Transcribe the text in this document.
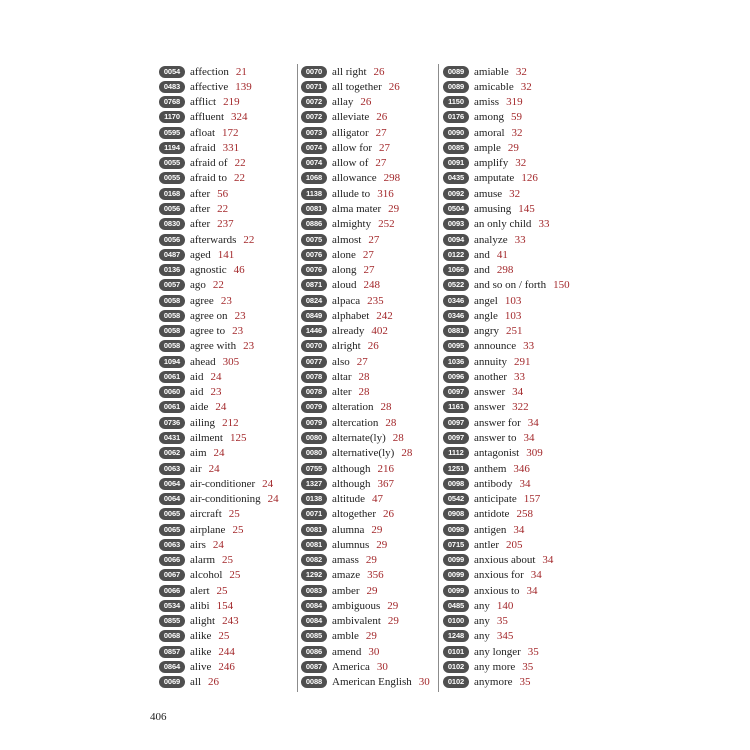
0054 affection 21
0483 affective 139
0768 afflict 219
1170 affluent 324
0595 afloat 172
1194 afraid 331
0055 afraid of 22
0055 afraid to 22
0168 after 56
0056 after 22
0830 after 237
0056 afterwards 22
0487 aged 141
0136 agnostic 46
0057 ago 22
0058 agree 23
0058 agree on 23
0058 agree to 23
0058 agree with 23
1094 ahead 305
0061 aid 24
0060 aid 23
0061 aide 24
0736 ailing 212
0431 ailment 125
0062 aim 24
0063 air 24
0064 air-conditioner 24
0064 air-conditioning 24
0065 aircraft 25
0065 airplane 25
0063 airs 24
0066 alarm 25
0067 alcohol 25
0066 alert 25
0534 alibi 154
0855 alight 243
0068 alike 25
0857 alike 244
0864 alive 246
0069 all 26
0070 all right 26
0071 all together 26
0072 allay 26
0072 alleviate 26
0073 alligator 27
0074 allow for 27
0074 allow of 27
1068 allowance 298
1138 allude to 316
0081 alma mater 29
0886 almighty 252
0075 almost 27
0076 alone 27
0076 along 27
0871 aloud 248
0824 alpaca 235
0849 alphabet 242
1446 already 402
0070 alright 26
0077 also 27
0078 altar 28
0078 alter 28
0079 alteration 28
0079 altercation 28
0080 alternate(ly) 28
0080 alternative(ly) 28
0755 although 216
1327 although 367
0138 altitude 47
0071 altogether 26
0081 alumna 29
0081 alumnus 29
0082 amass 29
1292 amaze 356
0083 amber 29
0084 ambiguous 29
0084 ambivalent 29
0085 amble 29
0086 amend 30
0087 America 30
0088 American English 30
0089 amiable 32
0089 amicable 32
1150 amiss 319
0176 among 59
0090 amoral 32
0085 ample 29
0091 amplify 32
0435 amputate 126
0092 amuse 32
0504 amusing 145
0093 an only child 33
0094 analyze 33
0122 and 41
1066 and 298
0522 and so on / forth 150
0346 angel 103
0346 angle 103
0881 angry 251
0095 announce 33
1036 annuity 291
0096 another 33
0097 answer 34
1161 answer 322
0097 answer for 34
0097 answer to 34
1112 antagonist 309
1251 anthem 346
0098 antibody 34
0542 anticipate 157
0908 antidote 258
0098 antigen 34
0715 antler 205
0099 anxious about 34
0099 anxious for 34
0099 anxious to 34
0485 any 140
0100 any 35
1248 any 345
0101 any longer 35
0102 any more 35
0102 anymore 35
406
